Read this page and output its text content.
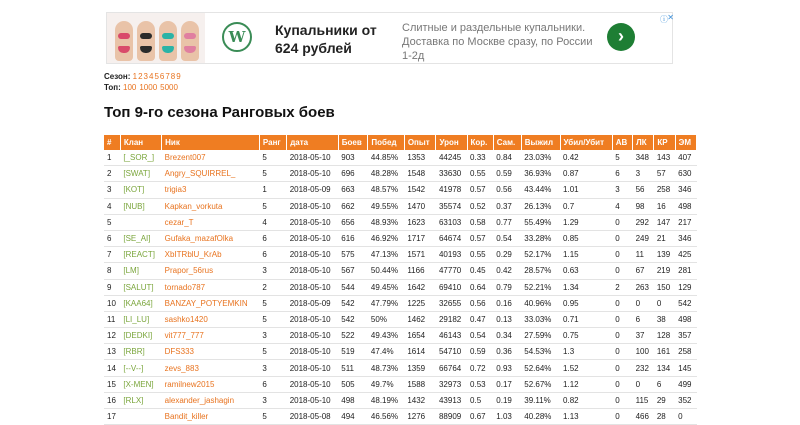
W	Купальники от 624 рублей
Слитные и раздельные купальники. Доставка по Москве сразу, по России 1-2д
›
ⓘ ✕
Сезон: 123456789
Топ: 100 1000 5000
Топ 9-го сезона Ранговых боев
#	Клан	Ник	Ранг	дата	Боев	Побед	Опыт	Урон	Кор.	Сам.	Выжил	Убил/Убит	АВ	ЛК	КР	ЭМ
1	[_SOR_]	Brezent007	5	2018-05-10	903	44.85%	1353	44245	0.33	0.84	23.03%	0.42	5	348	143	407
2	[SWAT]	Angry_SQUIRREL_	5	2018-05-10	696	48.28%	1548	33630	0.55	0.59	36.93%	0.87	6	3	57	630
3	[KOT]	trigia3	1	2018-05-09	663	48.57%	1542	41978	0.57	0.56	43.44%	1.01	3	56	258	346
4	[NUB]	Kapkan_vorkuta	5	2018-05-10	662	49.55%	1470	35574	0.52	0.37	26.13%	0.7	4	98	16	498
5		cezar_T	4	2018-05-10	656	48.93%	1623	63103	0.58	0.77	55.49%	1.29	0	292	147	217
6	[SE_AI]	Gufaka_mazafOlka	6	2018-05-10	616	46.92%	1717	64674	0.57	0.54	33.28%	0.85	0	249	21	346
7	[REACT]	XbITRblU_KrAb	6	2018-05-10	575	47.13%	1571	40193	0.55	0.29	52.17%	1.15	0	11	139	425
8	[LM]	Prapor_56rus	3	2018-05-10	567	50.44%	1166	47770	0.45	0.42	28.57%	0.63	0	67	219	281
9	[SALUT]	tornado787	2	2018-05-10	544	49.45%	1642	69410	0.64	0.79	52.21%	1.34	2	263	150	129
10	[KAA64]	BANZAY_POTYEMKIN	5	2018-05-09	542	47.79%	1225	32655	0.56	0.16	40.96%	0.95	0	0	0	542
11	[LI_LU]	sashko1420	5	2018-05-10	542	50%	1462	29182	0.47	0.13	33.03%	0.71	0	6	38	498
12	[DEDKI]	vit777_777	3	2018-05-10	522	49.43%	1654	46143	0.54	0.34	27.59%	0.75	0	37	128	357
13	[RBR]	DFS333	5	2018-05-10	519	47.4%	1614	54710	0.59	0.36	54.53%	1.3	0	100	161	258
14	[--V--]	zevs_883	3	2018-05-10	511	48.73%	1359	66764	0.72	0.93	52.64%	1.52	0	232	134	145
15	[X-MEN]	ramilnew2015	6	2018-05-10	505	49.7%	1588	32973	0.53	0.17	52.67%	1.12	0	0	6	499
16	[RLX]	alexander_jashagin	3	2018-05-10	498	48.19%	1432	43913	0.5	0.19	39.11%	0.82	0	115	29	352
17		Bandit_killer	5	2018-05-08	494	46.56%	1276	88909	0.67	1.03	40.28%	1.13	0	466	28	0
